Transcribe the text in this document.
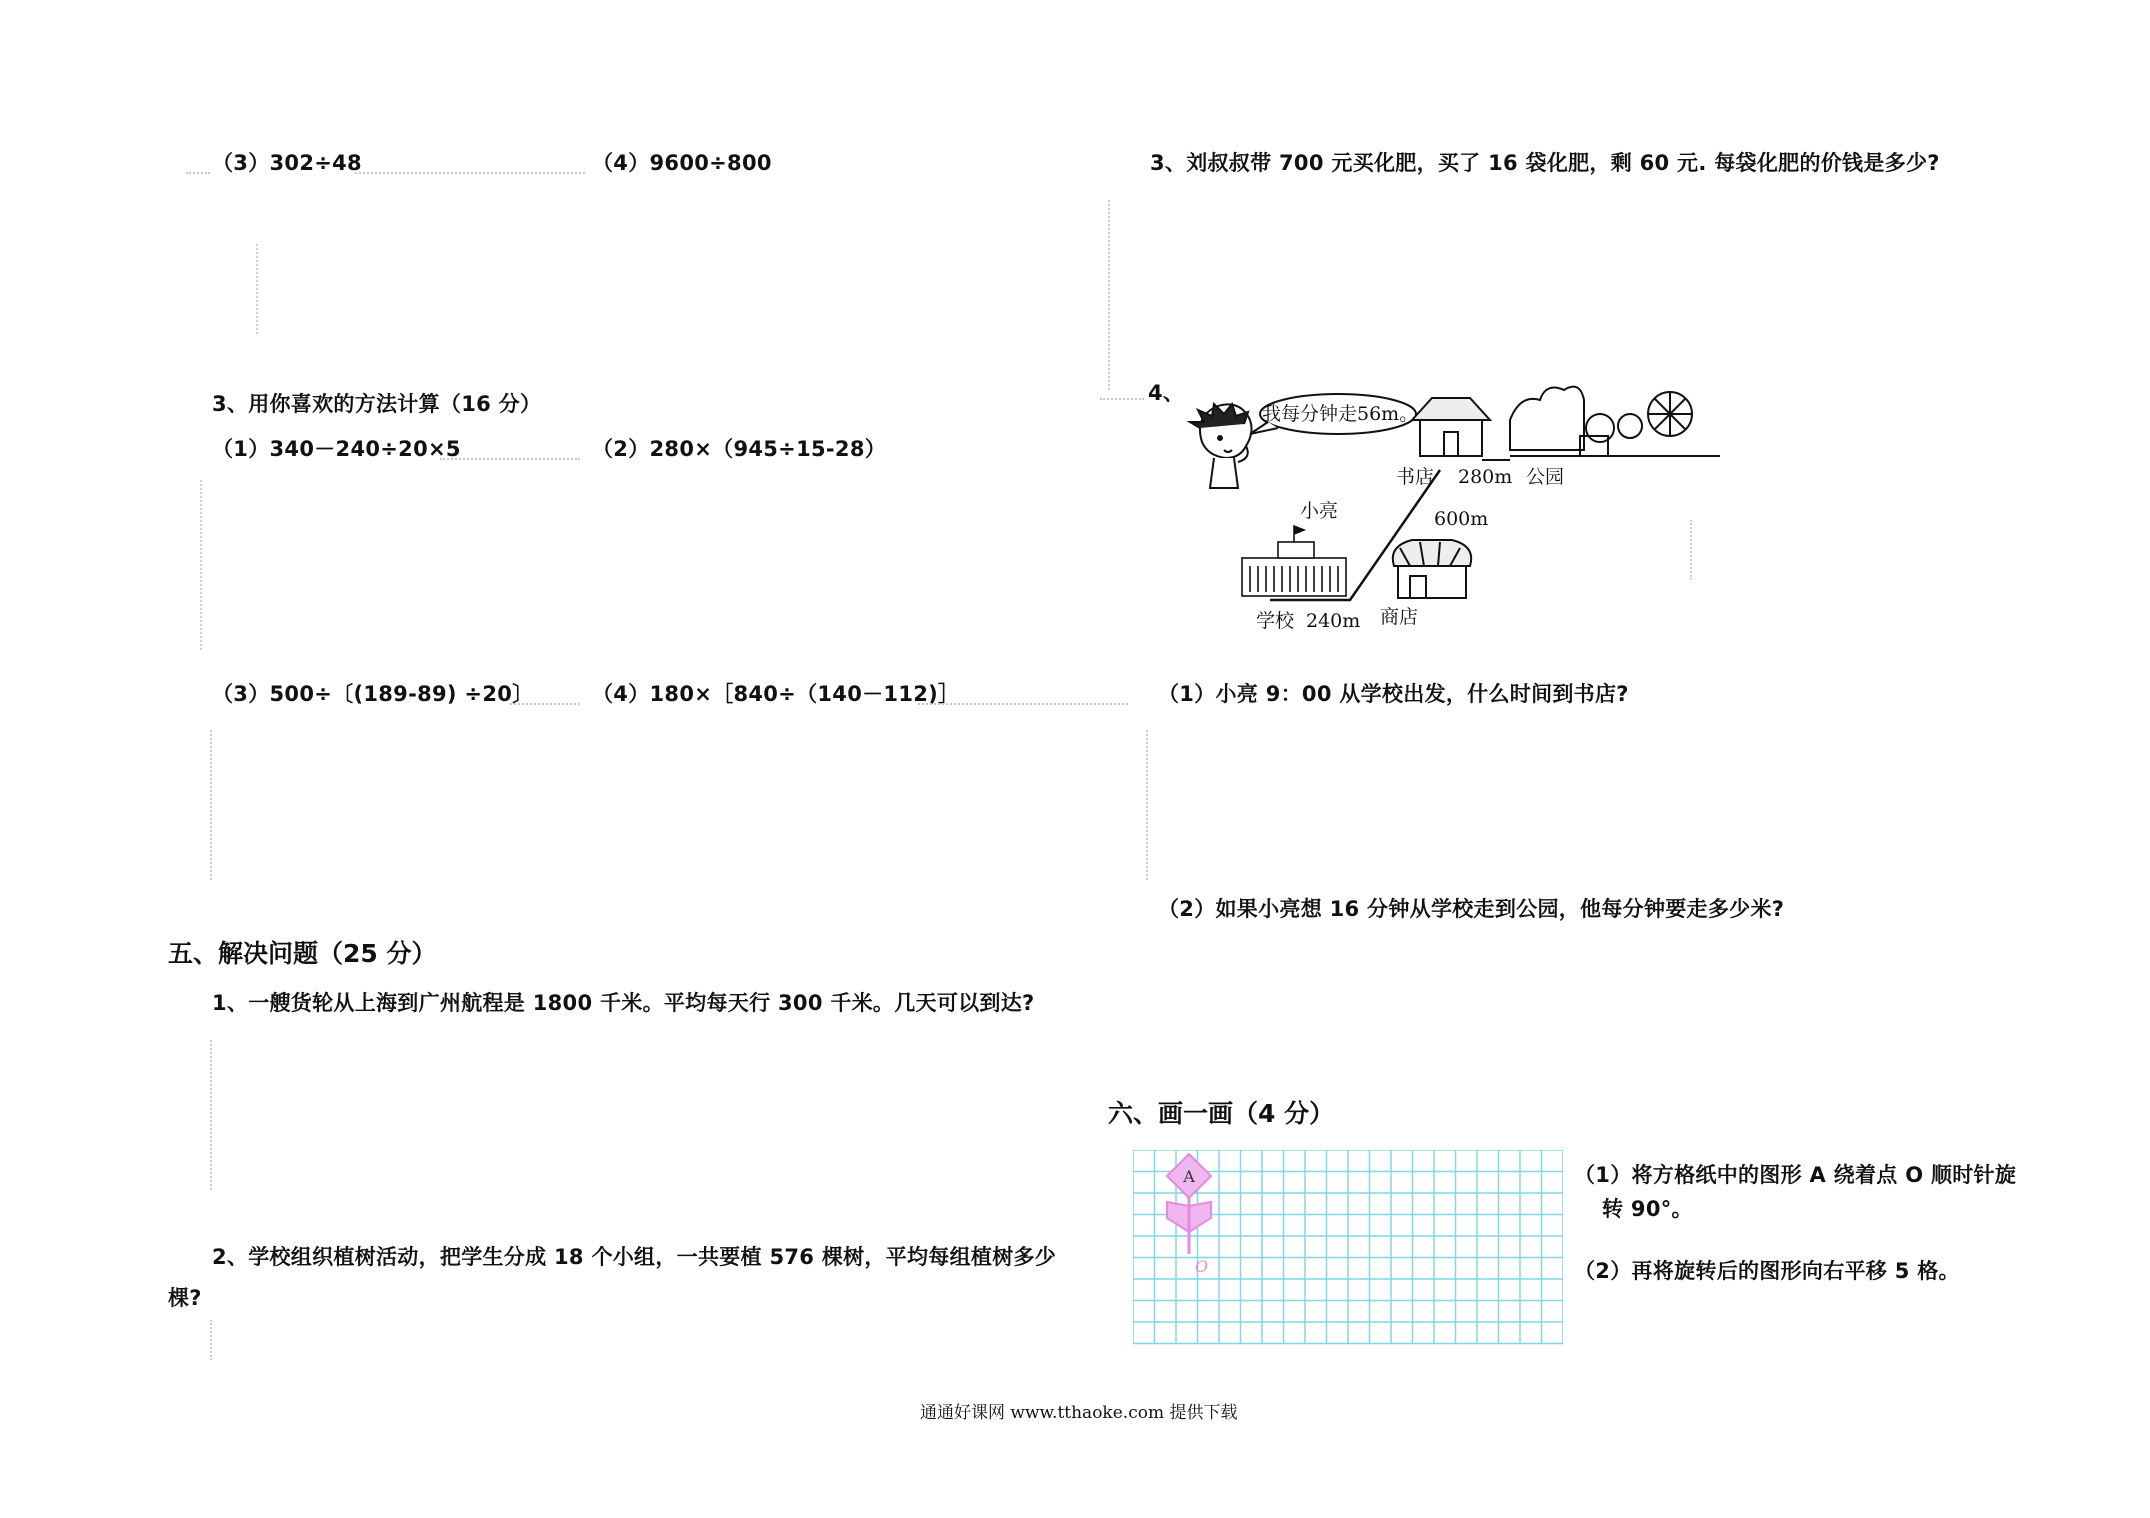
（3）302÷48	（4）9600÷800
3、用你喜欢的方法计算（16 分）
（1）340－240÷20×5	（2）280×（945÷15-28）
（3）500÷〔(189-89) ÷20〕	（4）180×［840÷（140－112)］
五、解决问题（25 分）
1、一艘货轮从上海到广州航程是 1800 千米。平均每天行 300 千米。几天可以到达?
2、学校组织植树活动，把学生分成 18 个小组，一共要植 576 棵树，平均每组植树多少
棵?
3、刘叔叔带 700 元买化肥，买了 16 袋化肥，剩 60 元. 每袋化肥的价钱是多少?
4、
我每分钟走56m。
书店 280m 公园
小亮	600m
学校 240m 商店
（1）小亮 9：00 从学校出发，什么时间到书店?
（2）如果小亮想 16 分钟从学校走到公园，他每分钟要走多少米?
六、画一画（4 分）
A
O
（1）将方格纸中的图形 A 绕着点 O 顺时针旋
转 90°。
（2）再将旋转后的图形向右平移 5 格。
通通好课网 www.tthaoke.com 提供下载
